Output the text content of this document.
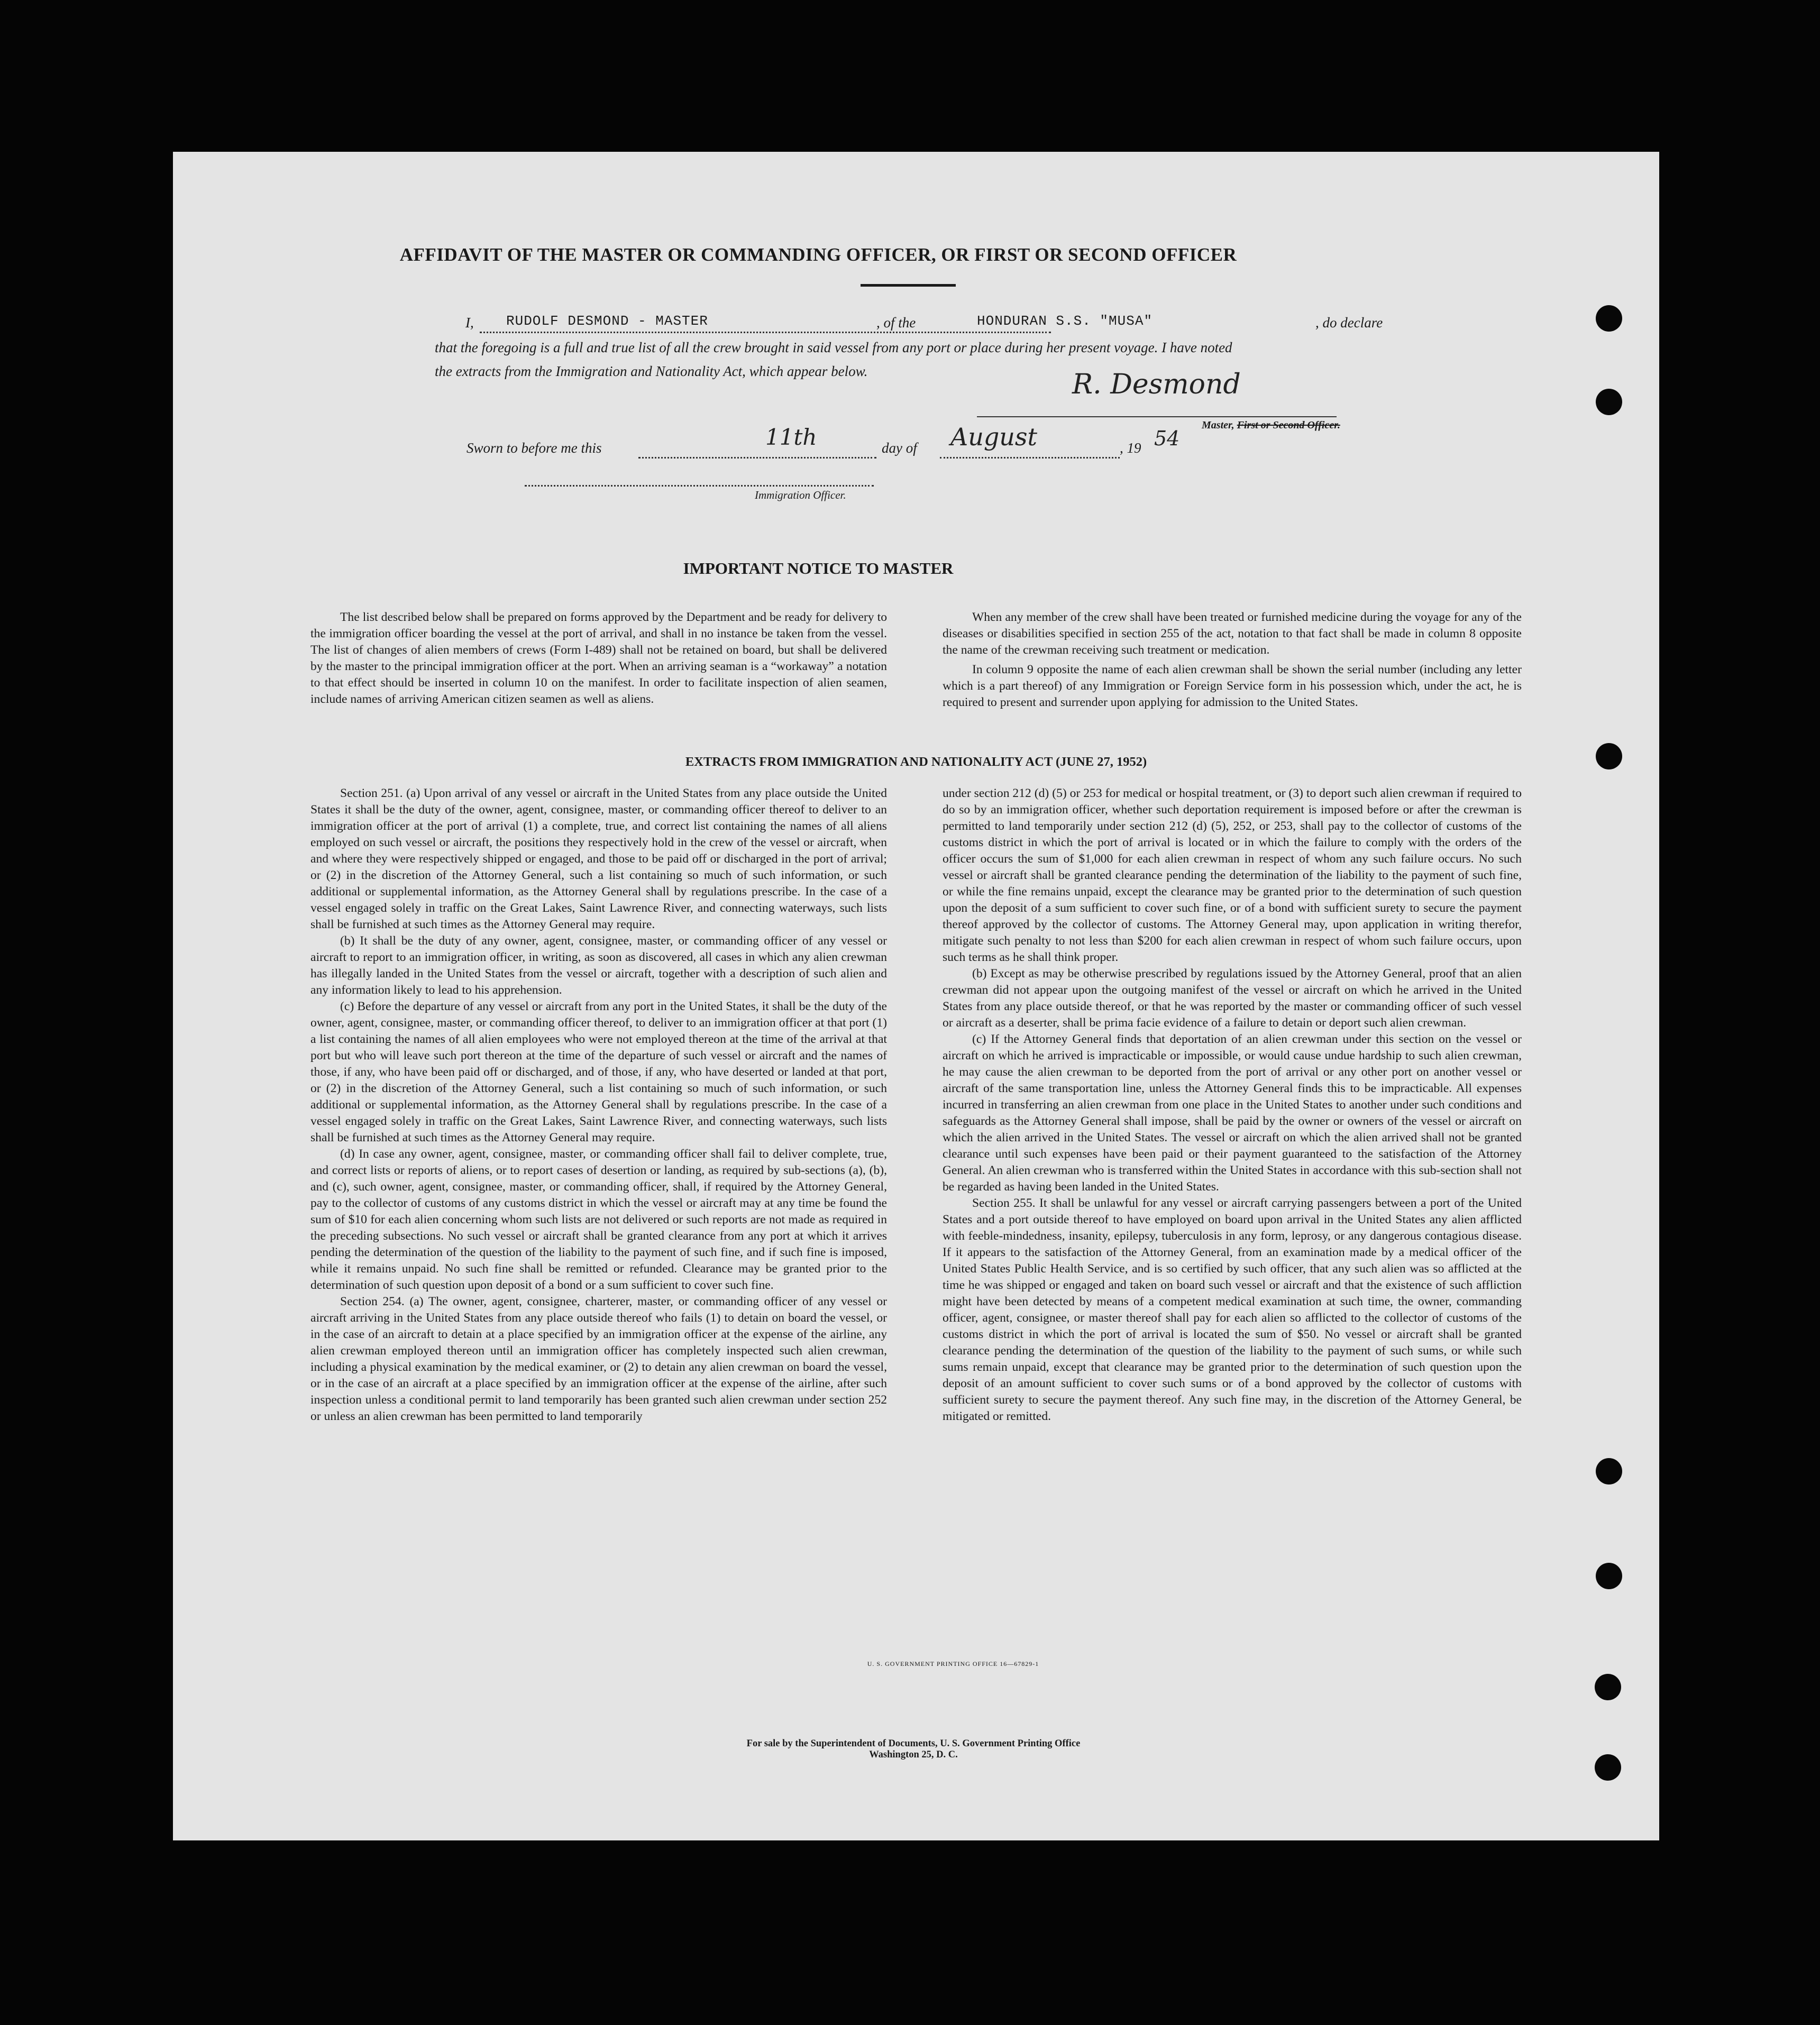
AFFIDAVIT OF THE MASTER OR COMMANDING OFFICER, OR FIRST OR SECOND OFFICER
I, RUDOLF DESMOND - MASTER	, of the	HONDURAN S.S. "MUSA"	, do declare
that the foregoing is a full and true list of all the crew brought in said vessel from any port or place during her present voyage. I have noted
the extracts from the Immigration and Nationality Act, which appear below.	R. Desmond
Master, First or Second Officer.
Sworn to before me this	11th	day of August	, 19 54
Immigration Officer.
IMPORTANT NOTICE TO MASTER

The list described below shall be prepared on forms approved by the Department and be ready for delivery to the immigration officer boarding the vessel at the port of arrival, and shall in no instance be taken from the vessel. The list of changes of alien members of crews (Form I-489) shall not be retained on board, but shall be delivered by the master to the principal immigration officer at the port. When an arriving seaman is a “workaway” a notation to that effect should be inserted in column 10 on the manifest. In order to facilitate inspection of alien seamen, include names of arriving American citizen seamen as well as aliens.

When any member of the crew shall have been treated or furnished medicine during the voyage for any of the diseases or disabilities specified in section 255 of the act, notation to that fact shall be made in column 8 opposite the name of the crewman receiving such treatment or medication.

In column 9 opposite the name of each alien crewman shall be shown the serial number (including any letter which is a part thereof) of any Immigration or Foreign Service form in his possession which, under the act, he is required to present and surrender upon applying for admission to the United States.

EXTRACTS FROM IMMIGRATION AND NATIONALITY ACT (JUNE 27, 1952)

Section 251. (a) Upon arrival of any vessel or aircraft in the United States from any place outside the United States it shall be the duty of the owner, agent, consignee, master, or commanding officer thereof to deliver to an immigration officer at the port of arrival (1) a complete, true, and correct list containing the names of all aliens employed on such vessel or aircraft, the positions they respectively hold in the crew of the vessel or aircraft, when and where they were respectively shipped or engaged, and those to be paid off or discharged in the port of arrival; or (2) in the discretion of the Attorney General, such a list containing so much of such information, or such additional or supplemental information, as the Attorney General shall by regulations prescribe. In the case of a vessel engaged solely in traffic on the Great Lakes, Saint Lawrence River, and connecting waterways, such lists shall be furnished at such times as the Attorney General may require.

(b) It shall be the duty of any owner, agent, consignee, master, or commanding officer of any vessel or aircraft to report to an immigration officer, in writing, as soon as discovered, all cases in which any alien crewman has illegally landed in the United States from the vessel or aircraft, together with a description of such alien and any information likely to lead to his apprehension.

(c) Before the departure of any vessel or aircraft from any port in the United States, it shall be the duty of the owner, agent, consignee, master, or commanding officer thereof, to deliver to an immigration officer at that port (1) a list containing the names of all alien employees who were not employed thereon at the time of the arrival at that port but who will leave such port thereon at the time of the departure of such vessel or aircraft and the names of those, if any, who have been paid off or discharged, and of those, if any, who have deserted or landed at that port, or (2) in the discretion of the Attorney General, such a list containing so much of such information, or such additional or supplemental information, as the Attorney General shall by regulations prescribe. In the case of a vessel engaged solely in traffic on the Great Lakes, Saint Lawrence River, and connecting waterways, such lists shall be furnished at such times as the Attorney General may require.

(d) In case any owner, agent, consignee, master, or commanding officer shall fail to deliver complete, true, and correct lists or reports of aliens, or to report cases of desertion or landing, as required by sub-sections (a), (b), and (c), such owner, agent, consignee, master, or commanding officer, shall, if required by the Attorney General, pay to the collector of customs of any customs district in which the vessel or aircraft may at any time be found the sum of $10 for each alien concerning whom such lists are not delivered or such reports are not made as required in the preceding subsections. No such vessel or aircraft shall be granted clearance from any port at which it arrives pending the determination of the question of the liability to the payment of such fine, and if such fine is imposed, while it remains unpaid. No such fine shall be remitted or refunded. Clearance may be granted prior to the determination of such question upon deposit of a bond or a sum sufficient to cover such fine.

Section 254. (a) The owner, agent, consignee, charterer, master, or commanding officer of any vessel or aircraft arriving in the United States from any place outside thereof who fails (1) to detain on board the vessel, or in the case of an aircraft to detain at a place specified by an immigration officer at the expense of the airline, any alien crewman employed thereon until an immigration officer has completely inspected such alien crewman, including a physical examination by the medical examiner, or (2) to detain any alien crewman on board the vessel, or in the case of an aircraft at a place specified by an immigration officer at the expense of the airline, after such inspection unless a conditional permit to land temporarily has been granted such alien crewman under section 252 or unless an alien crewman has been permitted to land temporarily

under section 212 (d) (5) or 253 for medical or hospital treatment, or (3) to deport such alien crewman if required to do so by an immigration officer, whether such deportation requirement is imposed before or after the crewman is permitted to land temporarily under section 212 (d) (5), 252, or 253, shall pay to the collector of customs of the customs district in which the port of arrival is located or in which the failure to comply with the orders of the officer occurs the sum of $1,000 for each alien crewman in respect of whom any such failure occurs. No such vessel or aircraft shall be granted clearance pending the determination of the liability to the payment of such fine, or while the fine remains unpaid, except the clearance may be granted prior to the determination of such question upon the deposit of a sum sufficient to cover such fine, or of a bond with sufficient surety to secure the payment thereof approved by the collector of customs. The Attorney General may, upon application in writing therefor, mitigate such penalty to not less than $200 for each alien crewman in respect of whom such failure occurs, upon such terms as he shall think proper.

(b) Except as may be otherwise prescribed by regulations issued by the Attorney General, proof that an alien crewman did not appear upon the outgoing manifest of the vessel or aircraft on which he arrived in the United States from any place outside thereof, or that he was reported by the master or commanding officer of such vessel or aircraft as a deserter, shall be prima facie evidence of a failure to detain or deport such alien crewman.

(c) If the Attorney General finds that deportation of an alien crewman under this section on the vessel or aircraft on which he arrived is impracticable or impossible, or would cause undue hardship to such alien crewman, he may cause the alien crewman to be deported from the port of arrival or any other port on another vessel or aircraft of the same transportation line, unless the Attorney General finds this to be impracticable. All expenses incurred in transferring an alien crewman from one place in the United States to another under such conditions and safeguards as the Attorney General shall impose, shall be paid by the owner or owners of the vessel or aircraft on which the alien arrived in the United States. The vessel or aircraft on which the alien arrived shall not be granted clearance until such expenses have been paid or their payment guaranteed to the satisfaction of the Attorney General. An alien crewman who is transferred within the United States in accordance with this sub-section shall not be regarded as having been landed in the United States.

Section 255. It shall be unlawful for any vessel or aircraft carrying passengers between a port of the United States and a port outside thereof to have employed on board upon arrival in the United States any alien afflicted with feeble-mindedness, insanity, epilepsy, tuberculosis in any form, leprosy, or any dangerous contagious disease. If it appears to the satisfaction of the Attorney General, from an examination made by a medical officer of the United States Public Health Service, and is so certified by such officer, that any such alien was so afflicted at the time he was shipped or engaged and taken on board such vessel or aircraft and that the existence of such affliction might have been detected by means of a competent medical examination at such time, the owner, commanding officer, agent, consignee, or master thereof shall pay for each alien so afflicted to the collector of customs of the customs district in which the port of arrival is located the sum of $50. No vessel or aircraft shall be granted clearance pending the determination of the question of the liability to the payment of such sums, or while such sums remain unpaid, except that clearance may be granted prior to the determination of such question upon the deposit of an amount sufficient to cover such sums or of a bond approved by the collector of customs with sufficient surety to secure the payment thereof. Any such fine may, in the discretion of the Attorney General, be mitigated or remitted.

U. S. GOVERNMENT PRINTING OFFICE 16—67829-1
For sale by the Superintendent of Documents, U. S. Government Printing Office
Washington 25, D. C.
